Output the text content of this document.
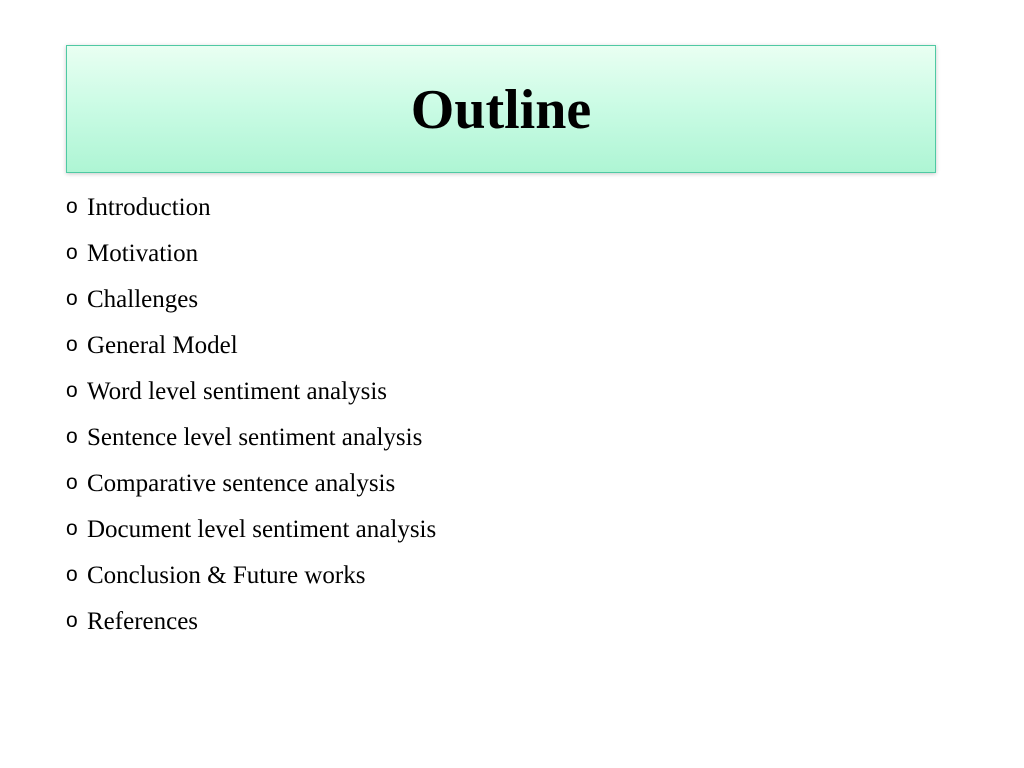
Outline
o Introduction
o Motivation
o Challenges
o General Model
o Word level sentiment analysis
o Sentence level sentiment analysis
o Comparative sentence analysis
o Document level sentiment analysis
o Conclusion & Future works
o References
